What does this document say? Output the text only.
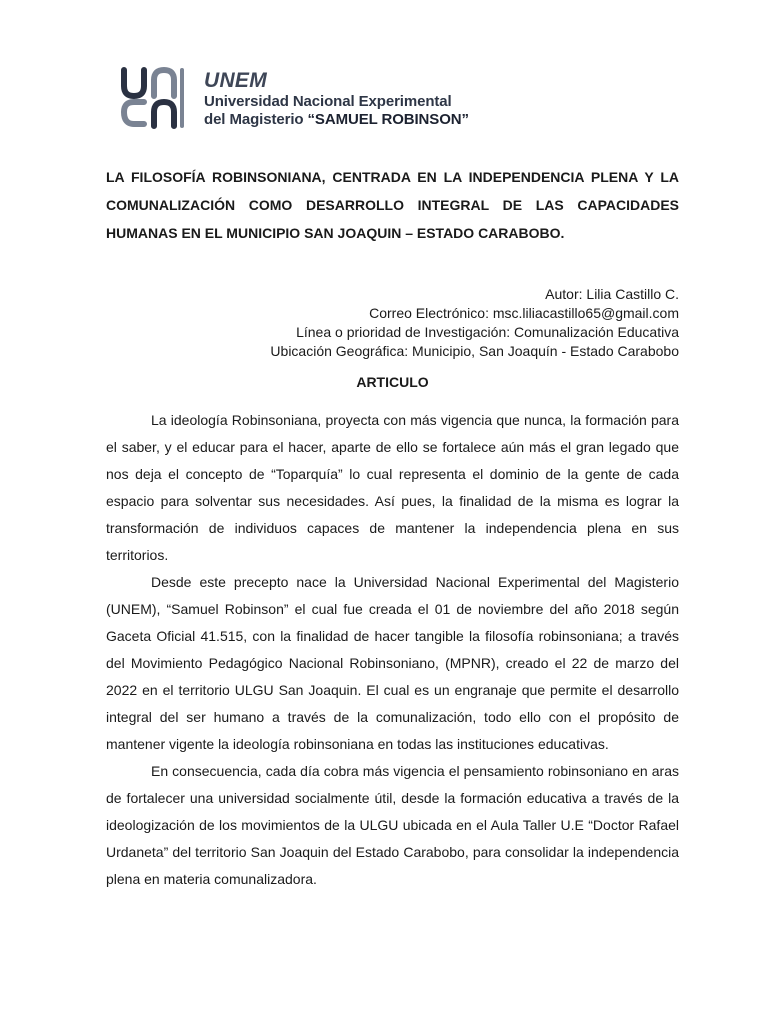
UNEM
Universidad Nacional Experimental
del Magisterio “SAMUEL ROBINSON”
LA FILOSOFÍA ROBINSONIANA, CENTRADA EN LA INDEPENDENCIA PLENA Y LA COMUNALIZACIÓN COMO DESARROLLO INTEGRAL DE LAS CAPACIDADES HUMANAS EN EL MUNICIPIO SAN JOAQUIN – ESTADO CARABOBO.
Autor: Lilia Castillo C.
Correo Electrónico: msc.liliacastillo65@gmail.com
Línea o prioridad de Investigación: Comunalización Educativa
Ubicación Geográfica: Municipio, San Joaquín - Estado Carabobo
ARTICULO

La ideología Robinsoniana, proyecta con más vigencia que nunca, la formación para el saber, y el educar para el hacer, aparte de ello se fortalece aún más el gran legado que nos deja el concepto de “Toparquía” lo cual representa el dominio de la gente de cada espacio para solventar sus necesidades. Así pues, la finalidad de la misma es lograr la transformación de individuos capaces de mantener la independencia plena en sus territorios.

Desde este precepto nace la Universidad Nacional Experimental del Magisterio (UNEM), “Samuel Robinson” el cual fue creada el 01 de noviembre del año 2018 según Gaceta Oficial 41.515, con la finalidad de hacer tangible la filosofía robinsoniana; a través del Movimiento Pedagógico Nacional Robinsoniano, (MPNR), creado el 22 de marzo del 2022 en el territorio ULGU San Joaquin. El cual es un engranaje que permite el desarrollo integral del ser humano a través de la comunalización, todo ello con el propósito de mantener vigente la ideología robinsoniana en todas las instituciones educativas.

En consecuencia, cada día cobra más vigencia el pensamiento robinsoniano en aras de fortalecer una universidad socialmente útil, desde la formación educativa a través de la ideologización de los movimientos de la ULGU ubicada en el Aula Taller U.E “Doctor Rafael Urdaneta” del territorio San Joaquin del Estado Carabobo, para consolidar la independencia plena en materia comunalizadora.
